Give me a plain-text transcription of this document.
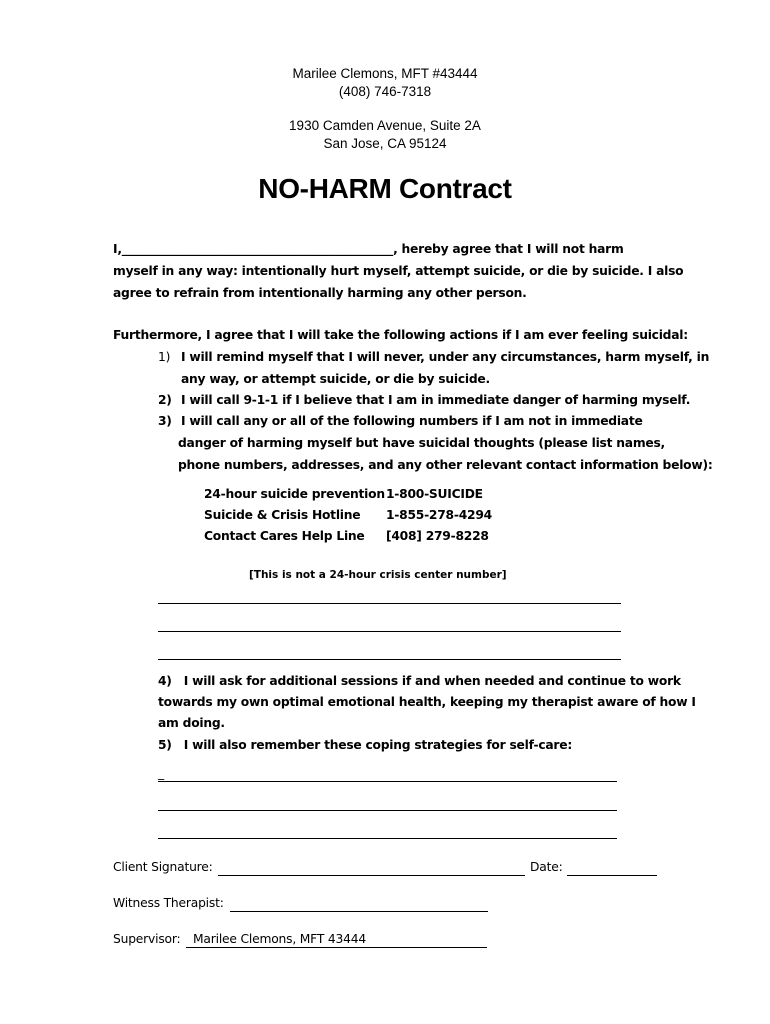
Marilee Clemons, MFT #43444
(408) 746-7318
1930 Camden Avenue, Suite 2A
San Jose, CA 95124
NO-HARM Contract
I,______________________________________________, hereby agree that I will not harm
myself in any way: intentionally hurt myself, attempt suicide, or die by suicide. I also
agree to refrain from intentionally harming any other person.
Furthermore, I agree that I will take the following actions if I am ever feeling suicidal:
1) I will remind myself that I will never, under any circumstances, harm myself, in
any way, or attempt suicide, or die by suicide.
2) I will call 9-1-1 if I believe that I am in immediate danger of harming myself.
3) I will call any or all of the following numbers if I am not in immediate
danger of harming myself but have suicidal thoughts (please list names,
phone numbers, addresses, and any other relevant contact information below):
24-hour suicide prevention 1-800-SUICIDE
Suicide & Crisis Hotline 1-855-278-4294
Contact Cares Help Line [408] 279-8228
[This is not a 24-hour crisis center number]
4) I will ask for additional sessions if and when needed and continue to work
towards my own optimal emotional health, keeping my therapist aware of how I
am doing.
5) I will also remember these coping strategies for self-care:
_
Client Signature:	Date:
Witness Therapist:
Supervisor: Marilee Clemons, MFT 43444
